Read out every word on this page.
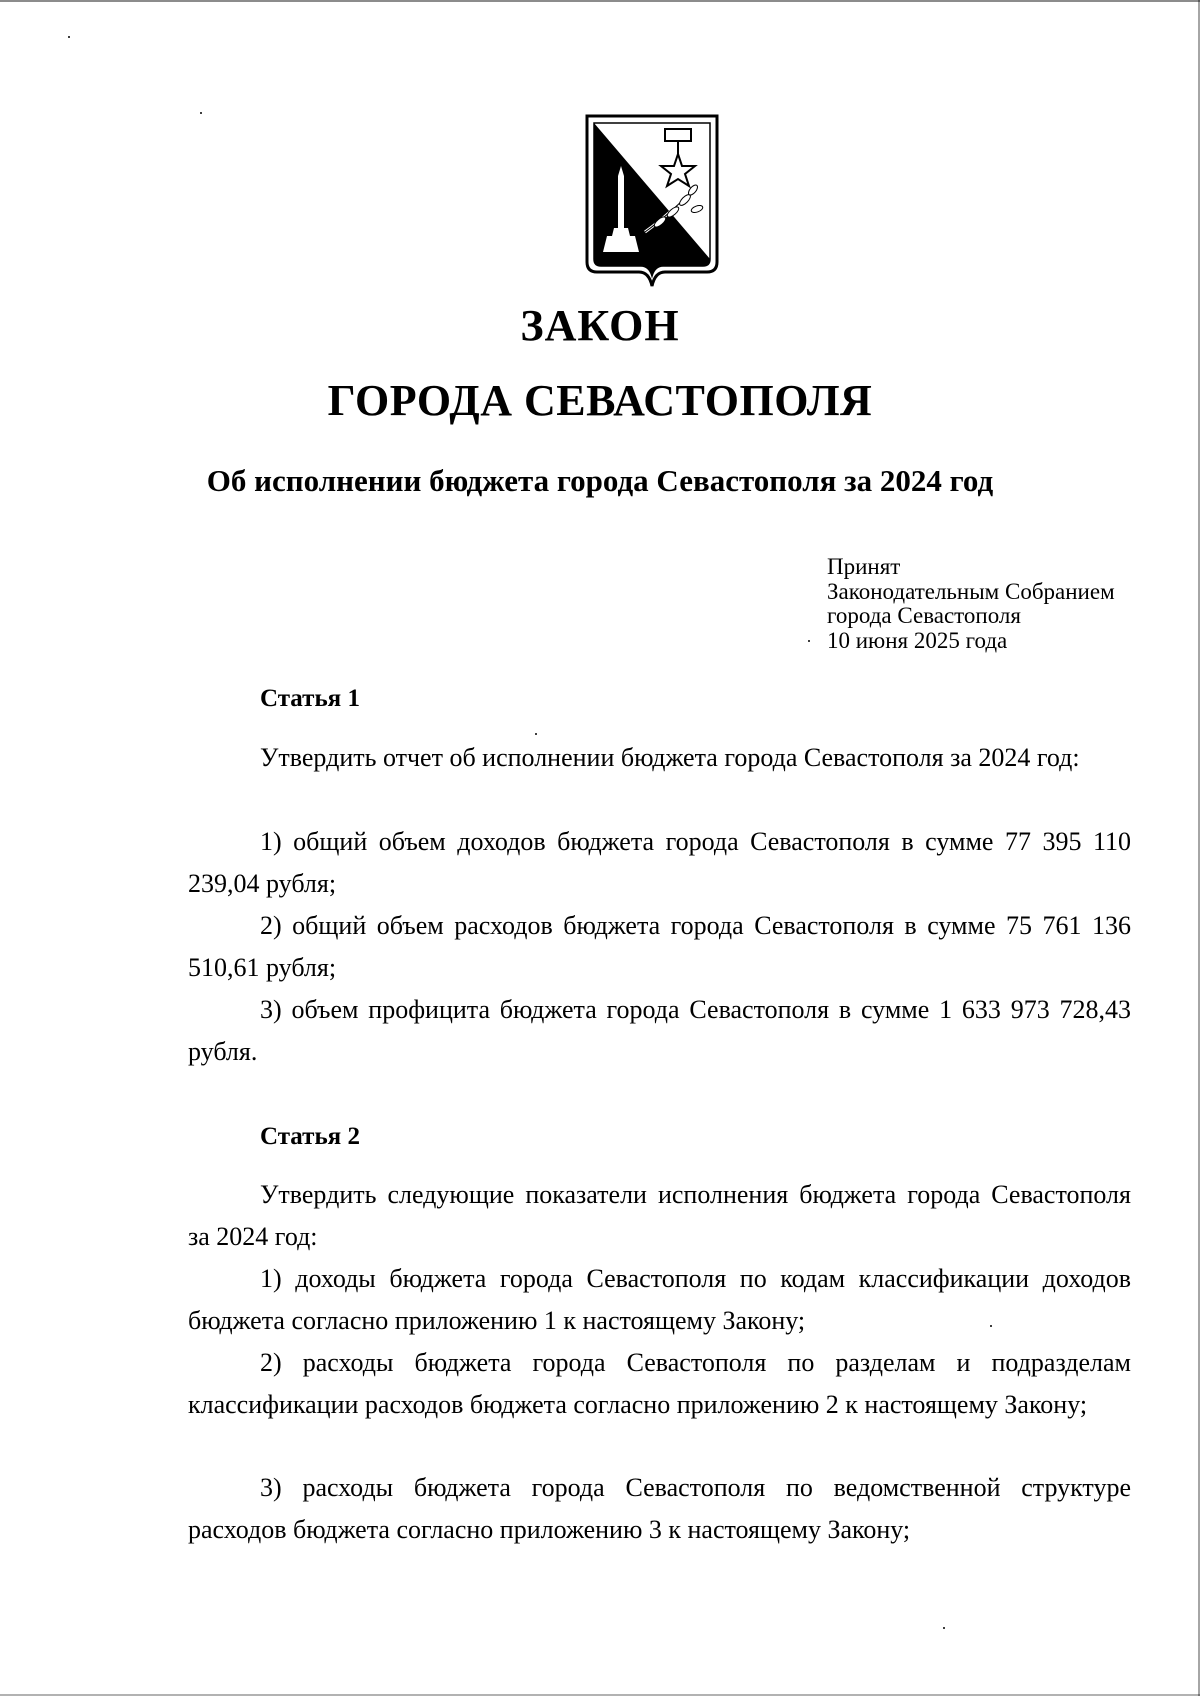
ЗАКОН
ГОРОДА СЕВАСТОПОЛЯ
Об исполнении бюджета города Севастополя за 2024 год
Принят
Законодательным Собранием
города Севастополя
10 июня 2025 года
Статья 1
Утвердить отчет об исполнении бюджета города Севастополя за 2024 год:
1) общий объем доходов бюджета города Севастополя в сумме 77 395 110 239,04 рубля;
2) общий объем расходов бюджета города Севастополя в сумме 75 761 136 510,61 рубля;
3) объем профицита бюджета города Севастополя в сумме 1 633 973 728,43 рубля.
Статья 2
Утвердить следующие показатели исполнения бюджета города Севастополя за 2024 год:
1) доходы бюджета города Севастополя по кодам классификации доходов бюджета согласно приложению 1 к настоящему Закону;
2) расходы бюджета города Севастополя по разделам и подразделам классификации расходов бюджета согласно приложению 2 к настоящему Закону;
3) расходы бюджета города Севастополя по ведомственной структуре расходов бюджета согласно приложению 3 к настоящему Закону;
